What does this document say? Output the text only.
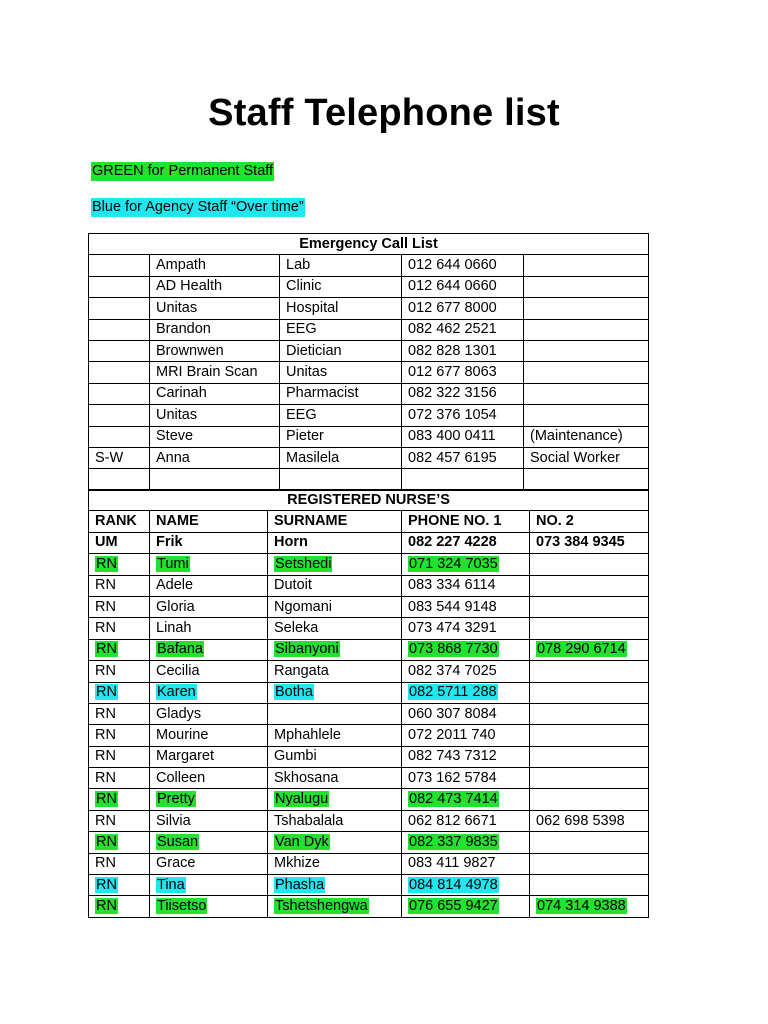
Staff Telephone list
GREEN for Permanent Staff
Blue for Agency Staff “Over time”
Emergency Call List				
	Ampath	Lab	012 644 0660	
	AD Health	Clinic	012 644 0660	
	Unitas	Hospital	012 677 8000	
	Brandon	EEG	082 462 2521	
	Brownwen	Dietician	082 828 1301	
	MRI Brain Scan	Unitas	012 677 8063	
	Carinah	Pharmacist	082 322 3156	
	Unitas	EEG	072 376 1054	
	Steve	Pieter	083 400 0411	(Maintenance)
S-W	Anna	Masilela	082 457 6195	Social Worker

REGISTERED NURSE’S				
RANK	NAME	SURNAME	PHONE NO. 1	NO. 2
UM	Frik	Horn	082 227 4228	073 384 9345
RN	Tumi	Setshedi	071 324 7035	
RN	Adele	Dutoit	083 334 6114	
RN	Gloria	Ngomani	083 544 9148	
RN	Linah	Seleka	073 474 3291	
RN	Bafana	Sibanyoni	073 868 7730	078 290 6714
RN	Cecilia	Rangata	082 374 7025	
RN	Karen	Botha	082 5711 288	
RN	Gladys		060 307 8084	
RN	Mourine	Mphahlele	072 2011 740	
RN	Margaret	Gumbi	082 743 7312	
RN	Colleen	Skhosana	073 162 5784	
RN	Pretty	Nyalugu	082 473 7414	
RN	Silvia	Tshabalala	062 812 6671	062 698 5398
RN	Susan	Van Dyk	082 337 9835	
RN	Grace	Mkhize	083 411 9827	
RN	Tina	Phasha	084 814 4978	
RN	Tiisetso	Tshetshengwa	076 655 9427	074 314 9388
